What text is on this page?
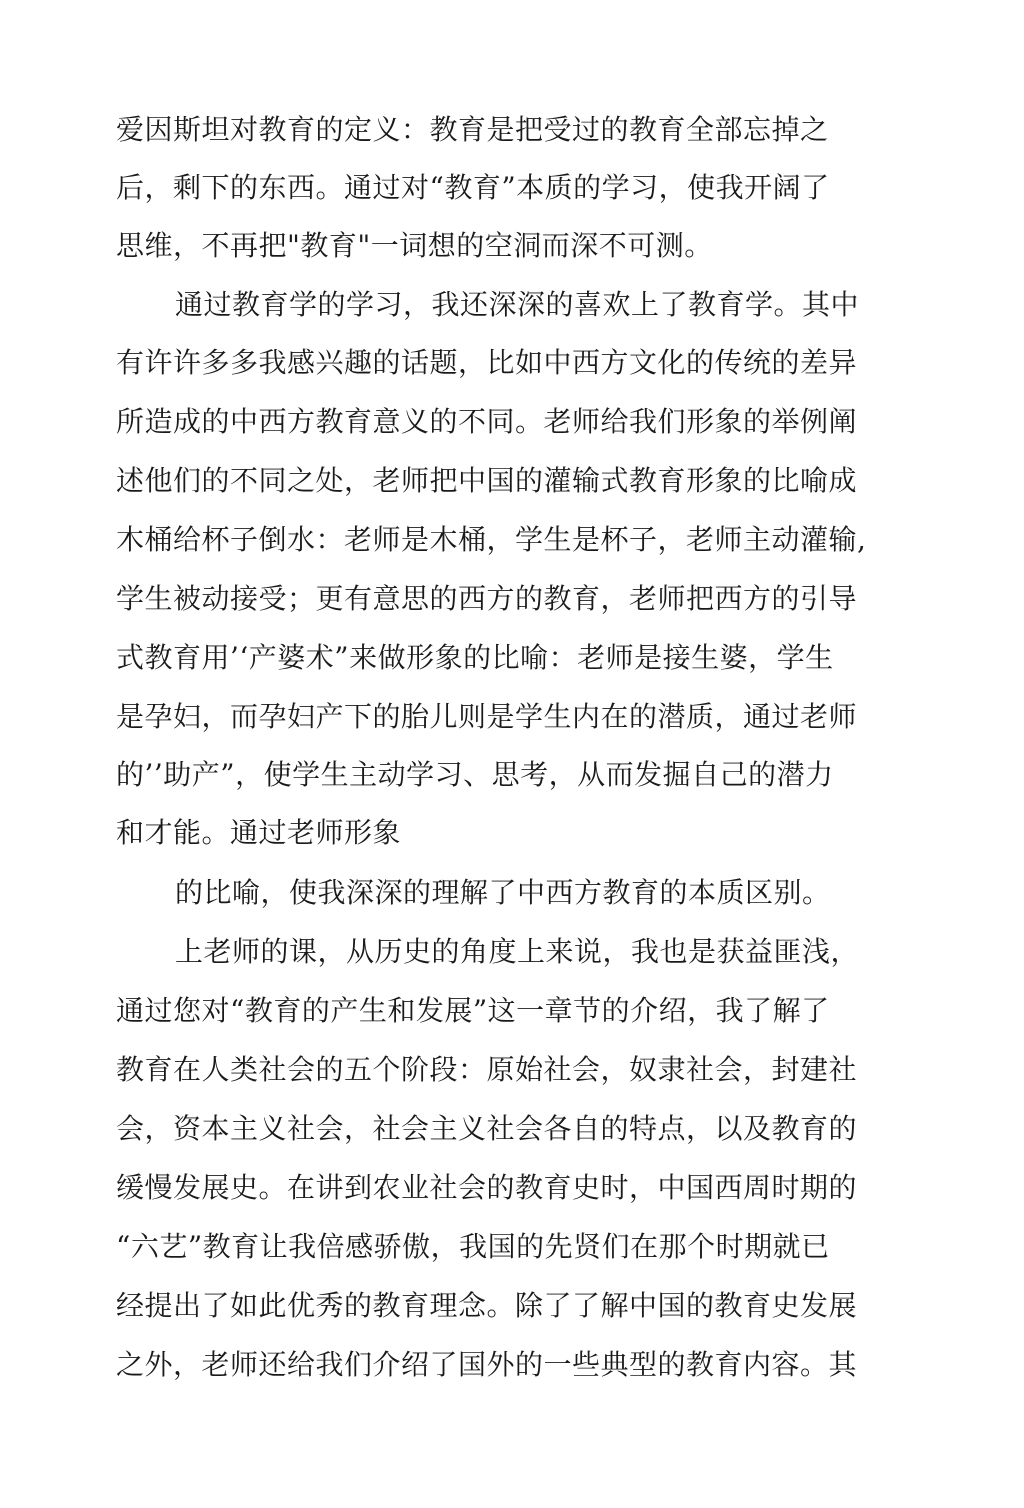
爱因斯坦对教育的定义：教育是把受过的教育全部忘掉之
后，剩下的东西。通过对“教育”本质的学习，使我开阔了
思维，不再把"教育"一词想的空洞而深不可测。
通过教育学的学习，我还深深的喜欢上了教育学。其中
有许许多多我感兴趣的话题，比如中西方文化的传统的差异
所造成的中西方教育意义的不同。老师给我们形象的举例阐
述他们的不同之处，老师把中国的灌输式教育形象的比喻成
木桶给杯子倒水：老师是木桶，学生是杯子，老师主动灌输,
学生被动接受；更有意思的西方的教育，老师把西方的引导
式教育用’‘产婆术”来做形象的比喻：老师是接生婆，学生
是孕妇，而孕妇产下的胎儿则是学生内在的潜质，通过老师
的’’助产”，使学生主动学习、思考，从而发掘自己的潜力
和才能。通过老师形象
的比喻，使我深深的理解了中西方教育的本质区别。
上老师的课，从历史的角度上来说，我也是获益匪浅，
通过您对“教育的产生和发展”这一章节的介绍，我了解了
教育在人类社会的五个阶段：原始社会，奴隶社会，封建社
会，资本主义社会，社会主义社会各自的特点，以及教育的
缓慢发展史。在讲到农业社会的教育史时，中国西周时期的
“六艺”教育让我倍感骄傲，我国的先贤们在那个时期就已
经提出了如此优秀的教育理念。除了了解中国的教育史发展
之外，老师还给我们介绍了国外的一些典型的教育内容。其
